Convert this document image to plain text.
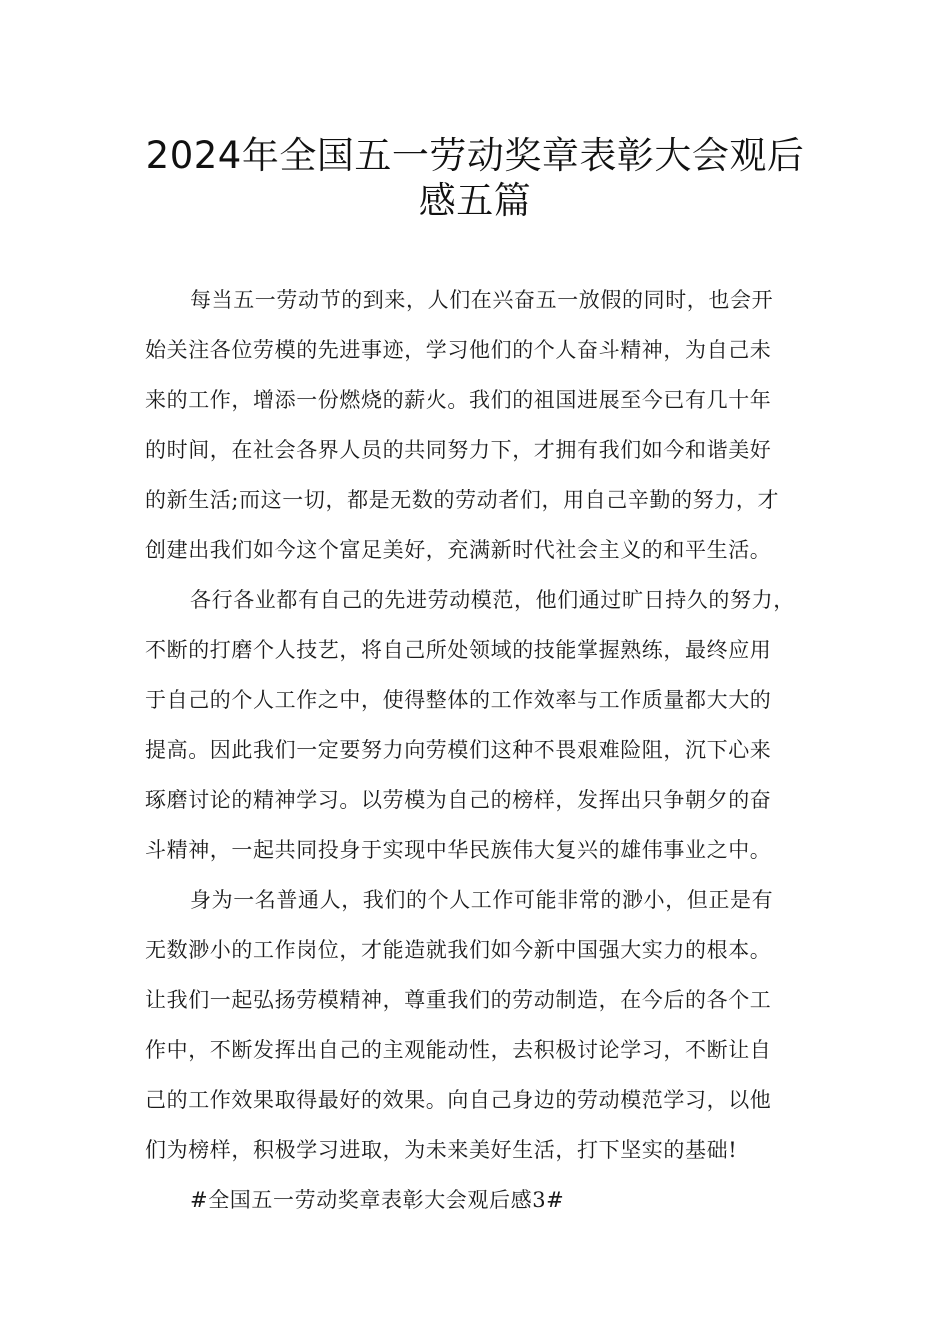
2024年全国五一劳动奖章表彰大会观后
感五篇
每当五一劳动节的到来，人们在兴奋五一放假的同时，也会开
始关注各位劳模的先进事迹，学习他们的个人奋斗精神，为自己未
来的工作，增添一份燃烧的薪火。我们的祖国进展至今已有几十年
的时间，在社会各界人员的共同努力下，才拥有我们如今和谐美好
的新生活;而这一切，都是无数的劳动者们，用自己辛勤的努力，才
创建出我们如今这个富足美好，充满新时代社会主义的和平生活。
各行各业都有自己的先进劳动模范，他们通过旷日持久的努力，
不断的打磨个人技艺，将自己所处领域的技能掌握熟练，最终应用
于自己的个人工作之中，使得整体的工作效率与工作质量都大大的
提高。因此我们一定要努力向劳模们这种不畏艰难险阻，沉下心来
琢磨讨论的精神学习。以劳模为自己的榜样，发挥出只争朝夕的奋
斗精神，一起共同投身于实现中华民族伟大复兴的雄伟事业之中。
身为一名普通人，我们的个人工作可能非常的渺小，但正是有
无数渺小的工作岗位，才能造就我们如今新中国强大实力的根本。
让我们一起弘扬劳模精神，尊重我们的劳动制造，在今后的各个工
作中，不断发挥出自己的主观能动性，去积极讨论学习，不断让自
己的工作效果取得最好的效果。向自己身边的劳动模范学习，以他
们为榜样，积极学习进取，为未来美好生活，打下坚实的基础!
#全国五一劳动奖章表彰大会观后感3#
